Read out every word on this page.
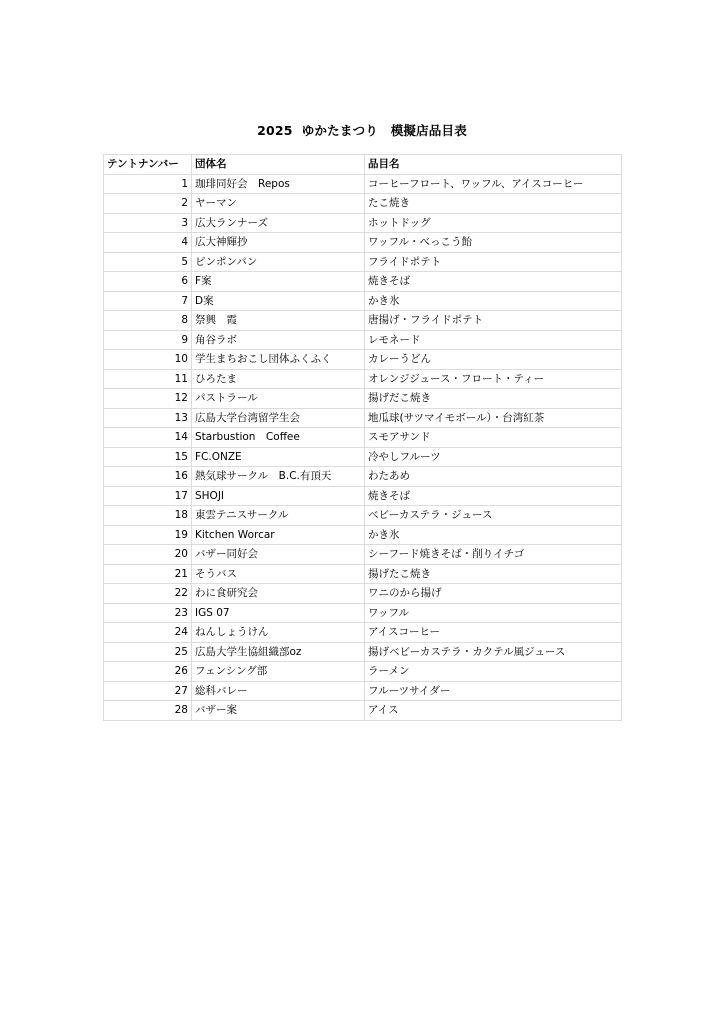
2025  ゆかたまつり　模擬店品目表
テントナンバー	団体名	品目名
1	珈琲同好会　Repos	コーヒーフロート、ワッフル、アイスコーヒー
2	ヤーマン	たこ焼き
3	広大ランナーズ	ホットドッグ
4	広大神輝抄	ワッフル・べっこう飴
5	ピンポンパン	フライドポテト
6	F案	焼きそば
7	D案	かき氷
8	祭興　霞	唐揚げ・フライドポテト
9	角谷ラボ	レモネード
10	学生まちおこし団体ふくふく	カレーうどん
11	ひろたま	オレンジジュース・フロート・ティー
12	パストラール	揚げだこ焼き
13	広島大学台湾留学生会	地瓜球(サツマイモボール）・台湾紅茶
14	Starbustion　Coffee	スモアサンド
15	FC.ONZE	冷やしフルーツ
16	熱気球サークル　B.C.有頂天	わたあめ
17	SHOJI	焼きそば
18	東雲テニスサークル	ベビーカステラ・ジュース
19	Kitchen Worcar	かき氷
20	バザー同好会	シーフード焼きそば・削りイチゴ
21	そうバス	揚げたこ焼き
22	わに食研究会	ワニのから揚げ
23	IGS 07	ワッフル
24	ねんしょうけん	アイスコーヒー
25	広島大学生協組織部oz	揚げベビーカステラ・カクテル風ジュース
26	フェンシング部	ラーメン
27	総科バレー	フルーツサイダー
28	バザー案	アイス
